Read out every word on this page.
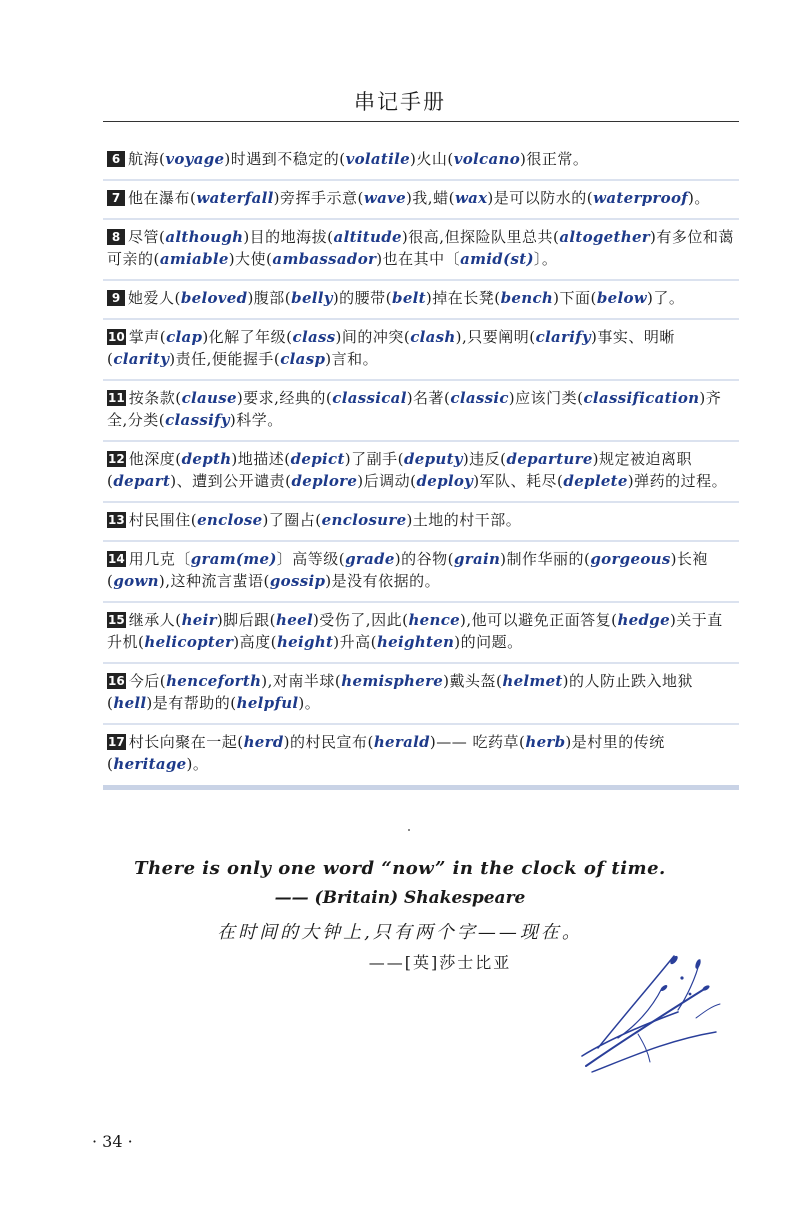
串记手册
6 航海(voyage)时遇到不稳定的(volatile)火山(volcano)很正常。
7 他在瀑布(waterfall)旁挥手示意(wave)我,蜡(wax)是可以防水的(waterproof)。
8 尽管(although)目的地海拔(altitude)很高,但探险队里总共(altogether)有多位和蔼可亲的(amiable)大使(ambassador)也在其中〔amid(st)〕。
9 她爱人(beloved)腹部(belly)的腰带(belt)掉在长凳(bench)下面(below)了。
10 掌声(clap)化解了年级(class)间的冲突(clash),只要阐明(clarify)事实、明晰(clarity)责任,便能握手(clasp)言和。
11 按条款(clause)要求,经典的(classical)名著(classic)应该门类(classification)齐全,分类(classify)科学。
12 他深度(depth)地描述(depict)了副手(deputy)违反(departure)规定被迫离职(depart)、遭到公开谴责(deplore)后调动(deploy)军队、耗尽(deplete)弹药的过程。
13 村民围住(enclose)了圈占(enclosure)土地的村干部。
14 用几克〔gram(me)〕高等级(grade)的谷物(grain)制作华丽的(gorgeous)长袍(gown),这种流言蜚语(gossip)是没有依据的。
15 继承人(heir)脚后跟(heel)受伤了,因此(hence),他可以避免正面答复(hedge)关于直升机(helicopter)高度(height)升高(heighten)的问题。
16 今后(henceforth),对南半球(hemisphere)戴头盔(helmet)的人防止跌入地狱(hell)是有帮助的(helpful)。
17 村长向聚在一起(herd)的村民宣布(herald)—— 吃药草(herb)是村里的传统(heritage)。
There is only one word “now” in the clock of time.
—— (Britain) Shakespeare
在时间的大钟上,只有两个字——现在。
——[英]莎士比亚
· 34 ·
